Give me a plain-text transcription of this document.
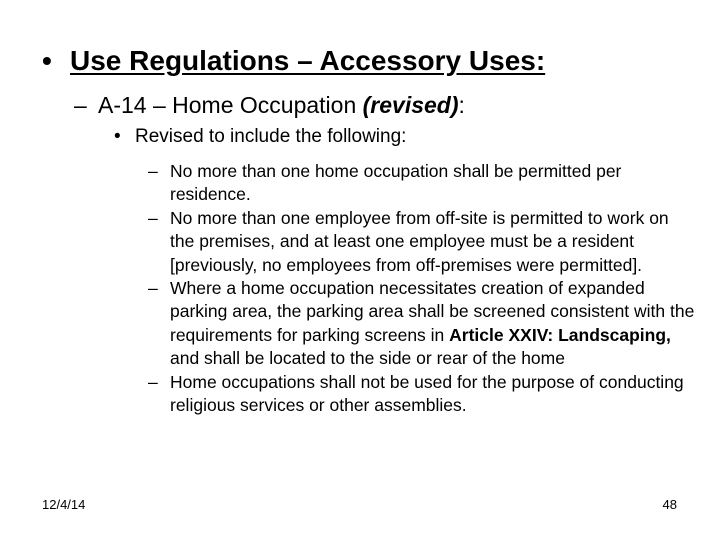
• Use Regulations – Accessory Uses:
– A-14 – Home Occupation (revised):
• Revised to include the following:
– No more than one home occupation shall be permitted per residence.
– No more than one employee from off-site is permitted to work on the premises, and at least one employee must be a resident [previously, no employees from off-premises were permitted].
– Where a home occupation necessitates creation of expanded parking area, the parking area shall be screened consistent with the requirements for parking screens in Article XXIV: Landscaping, and shall be located to the side or rear of the home
– Home occupations shall not be used for the purpose of conducting religious services or other assemblies.
12/4/14	48
